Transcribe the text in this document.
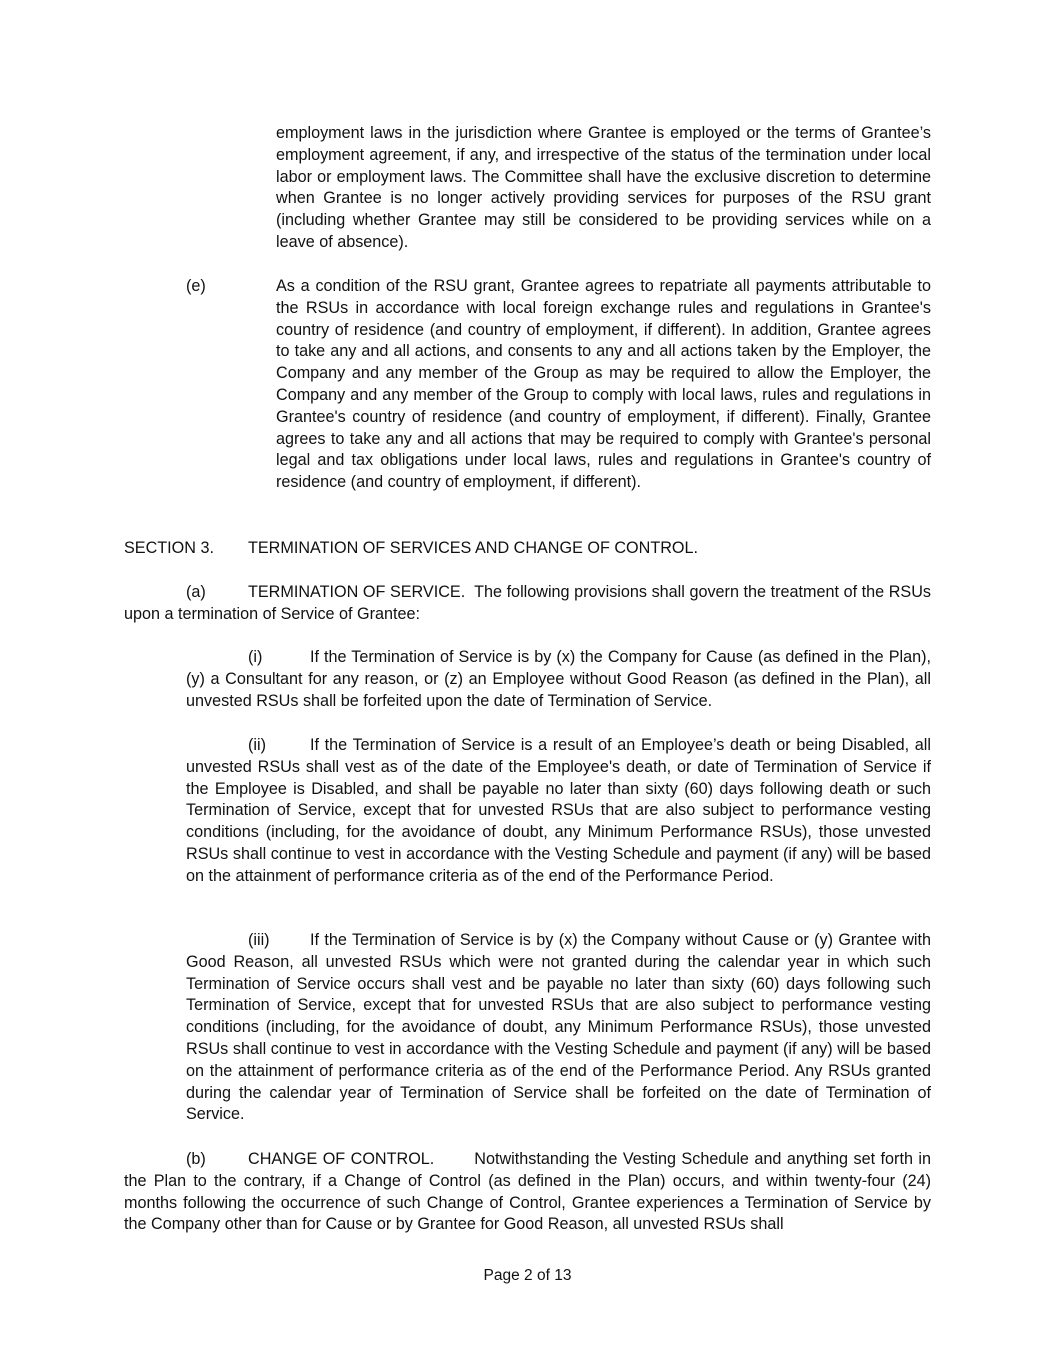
employment laws in the jurisdiction where Grantee is employed or the terms of Grantee’s employment agreement, if any, and irrespective of the status of the termination under local labor or employment laws. The Committee shall have the exclusive discretion to determine when Grantee is no longer actively providing services for purposes of the RSU grant (including whether Grantee may still be considered to be providing services while on a leave of absence).

(e)	As a condition of the RSU grant, Grantee agrees to repatriate all payments attributable to the RSUs in accordance with local foreign exchange rules and regulations in Grantee's country of residence (and country of employment, if different). In addition, Grantee agrees to take any and all actions, and consents to any and all actions taken by the Employer, the Company and any member of the Group as may be required to allow the Employer, the Company and any member of the Group to comply with local laws, rules and regulations in Grantee's country of residence (and country of employment, if different). Finally, Grantee agrees to take any and all actions that may be required to comply with Grantee's personal legal and tax obligations under local laws, rules and regulations in Grantee's country of residence (and country of employment, if different).

SECTION 3. TERMINATION OF SERVICES AND CHANGE OF CONTROL.

(a)	TERMINATION OF SERVICE. The following provisions shall govern the treatment of the RSUs upon a termination of Service of Grantee:

(i)	If the Termination of Service is by (x) the Company for Cause (as defined in the Plan), (y) a Consultant for any reason, or (z) an Employee without Good Reason (as defined in the Plan), all unvested RSUs shall be forfeited upon the date of Termination of Service.

(ii)	If the Termination of Service is a result of an Employee’s death or being Disabled, all unvested RSUs shall vest as of the date of the Employee's death, or date of Termination of Service if the Employee is Disabled, and shall be payable no later than sixty (60) days following death or such Termination of Service, except that for unvested RSUs that are also subject to performance vesting conditions (including, for the avoidance of doubt, any Minimum Performance RSUs), those unvested RSUs shall continue to vest in accordance with the Vesting Schedule and payment (if any) will be based on the attainment of performance criteria as of the end of the Performance Period.

(iii) If the Termination of Service is by (x) the Company without Cause or (y) Grantee with Good Reason, all unvested RSUs which were not granted during the calendar year in which such Termination of Service occurs shall vest and be payable no later than sixty (60) days following such Termination of Service, except that for unvested RSUs that are also subject to performance vesting conditions (including, for the avoidance of doubt, any Minimum Performance RSUs), those unvested RSUs shall continue to vest in accordance with the Vesting Schedule and payment (if any) will be based on the attainment of performance criteria as of the end of the Performance Period. Any RSUs granted during the calendar year of Termination of Service shall be forfeited on the date of Termination of Service.

(b)	CHANGE OF CONTROL. Notwithstanding the Vesting Schedule and anything set forth in the Plan to the contrary, if a Change of Control (as defined in the Plan) occurs, and within twenty-four (24) months following the occurrence of such Change of Control, Grantee experiences a Termination of Service by the Company other than for Cause or by Grantee for Good Reason, all unvested RSUs shall

Page 2 of 13
